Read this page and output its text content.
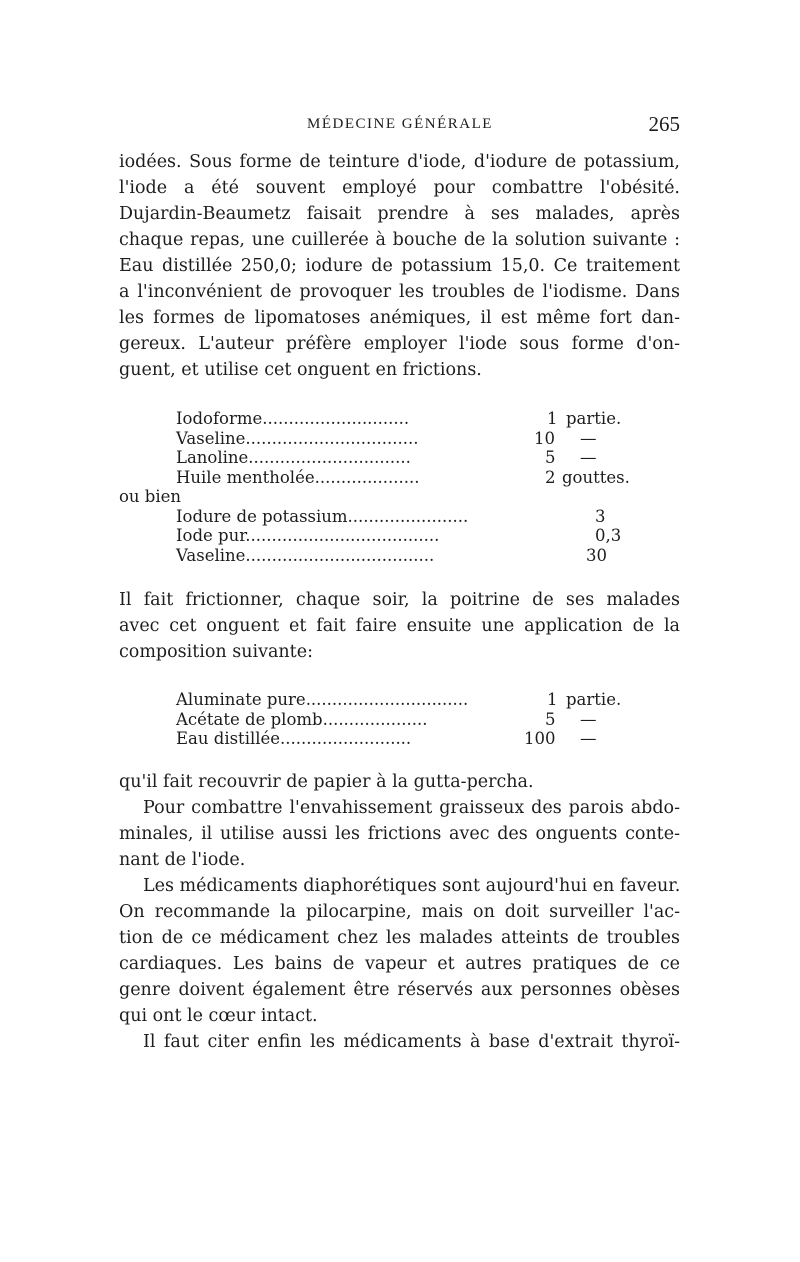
MÉDECINE GÉNÉRALE	265
iodées. Sous forme de teinture d'iode, d'iodure de potassium,
l'iode a été souvent employé pour combattre l'obésité.
Dujardin-Beaumetz faisait prendre à ses malades, après
chaque repas, une cuillerée à bouche de la solution suivante :
Eau distillée 250,0; iodure de potassium 15,0. Ce traitement
a l'inconvénient de provoquer les troubles de l'iodisme. Dans
les formes de lipomatoses anémiques, il est même fort dan-
gereux. L'auteur préfère employer l'iode sous forme d'on-
guent, et utilise cet onguent en frictions.
Iodoforme............................	1 partie.
Vaseline.................................	10 —
Lanoline...............................	5 —
Huile mentholée....................	2 gouttes.
ou bien
Iodure de potassium.......................	3
Iode pur.....................................	0,3
Vaseline....................................	30
Il fait frictionner, chaque soir, la poitrine de ses malades
avec cet onguent et fait faire ensuite une application de la
composition suivante:
Aluminate pure...............................	1 partie.
Acétate de plomb....................	5 —
Eau distillée.........................	100 —
qu'il fait recouvrir de papier à la gutta-percha.
Pour combattre l'envahissement graisseux des parois abdo-
minales, il utilise aussi les frictions avec des onguents conte-
nant de l'iode.
Les médicaments diaphorétiques sont aujourd'hui en faveur.
On recommande la pilocarpine, mais on doit surveiller l'ac-
tion de ce médicament chez les malades atteints de troubles
cardiaques. Les bains de vapeur et autres pratiques de ce
genre doivent également être réservés aux personnes obèses
qui ont le cœur intact.
Il faut citer enfin les médicaments à base d'extrait thyroï-
